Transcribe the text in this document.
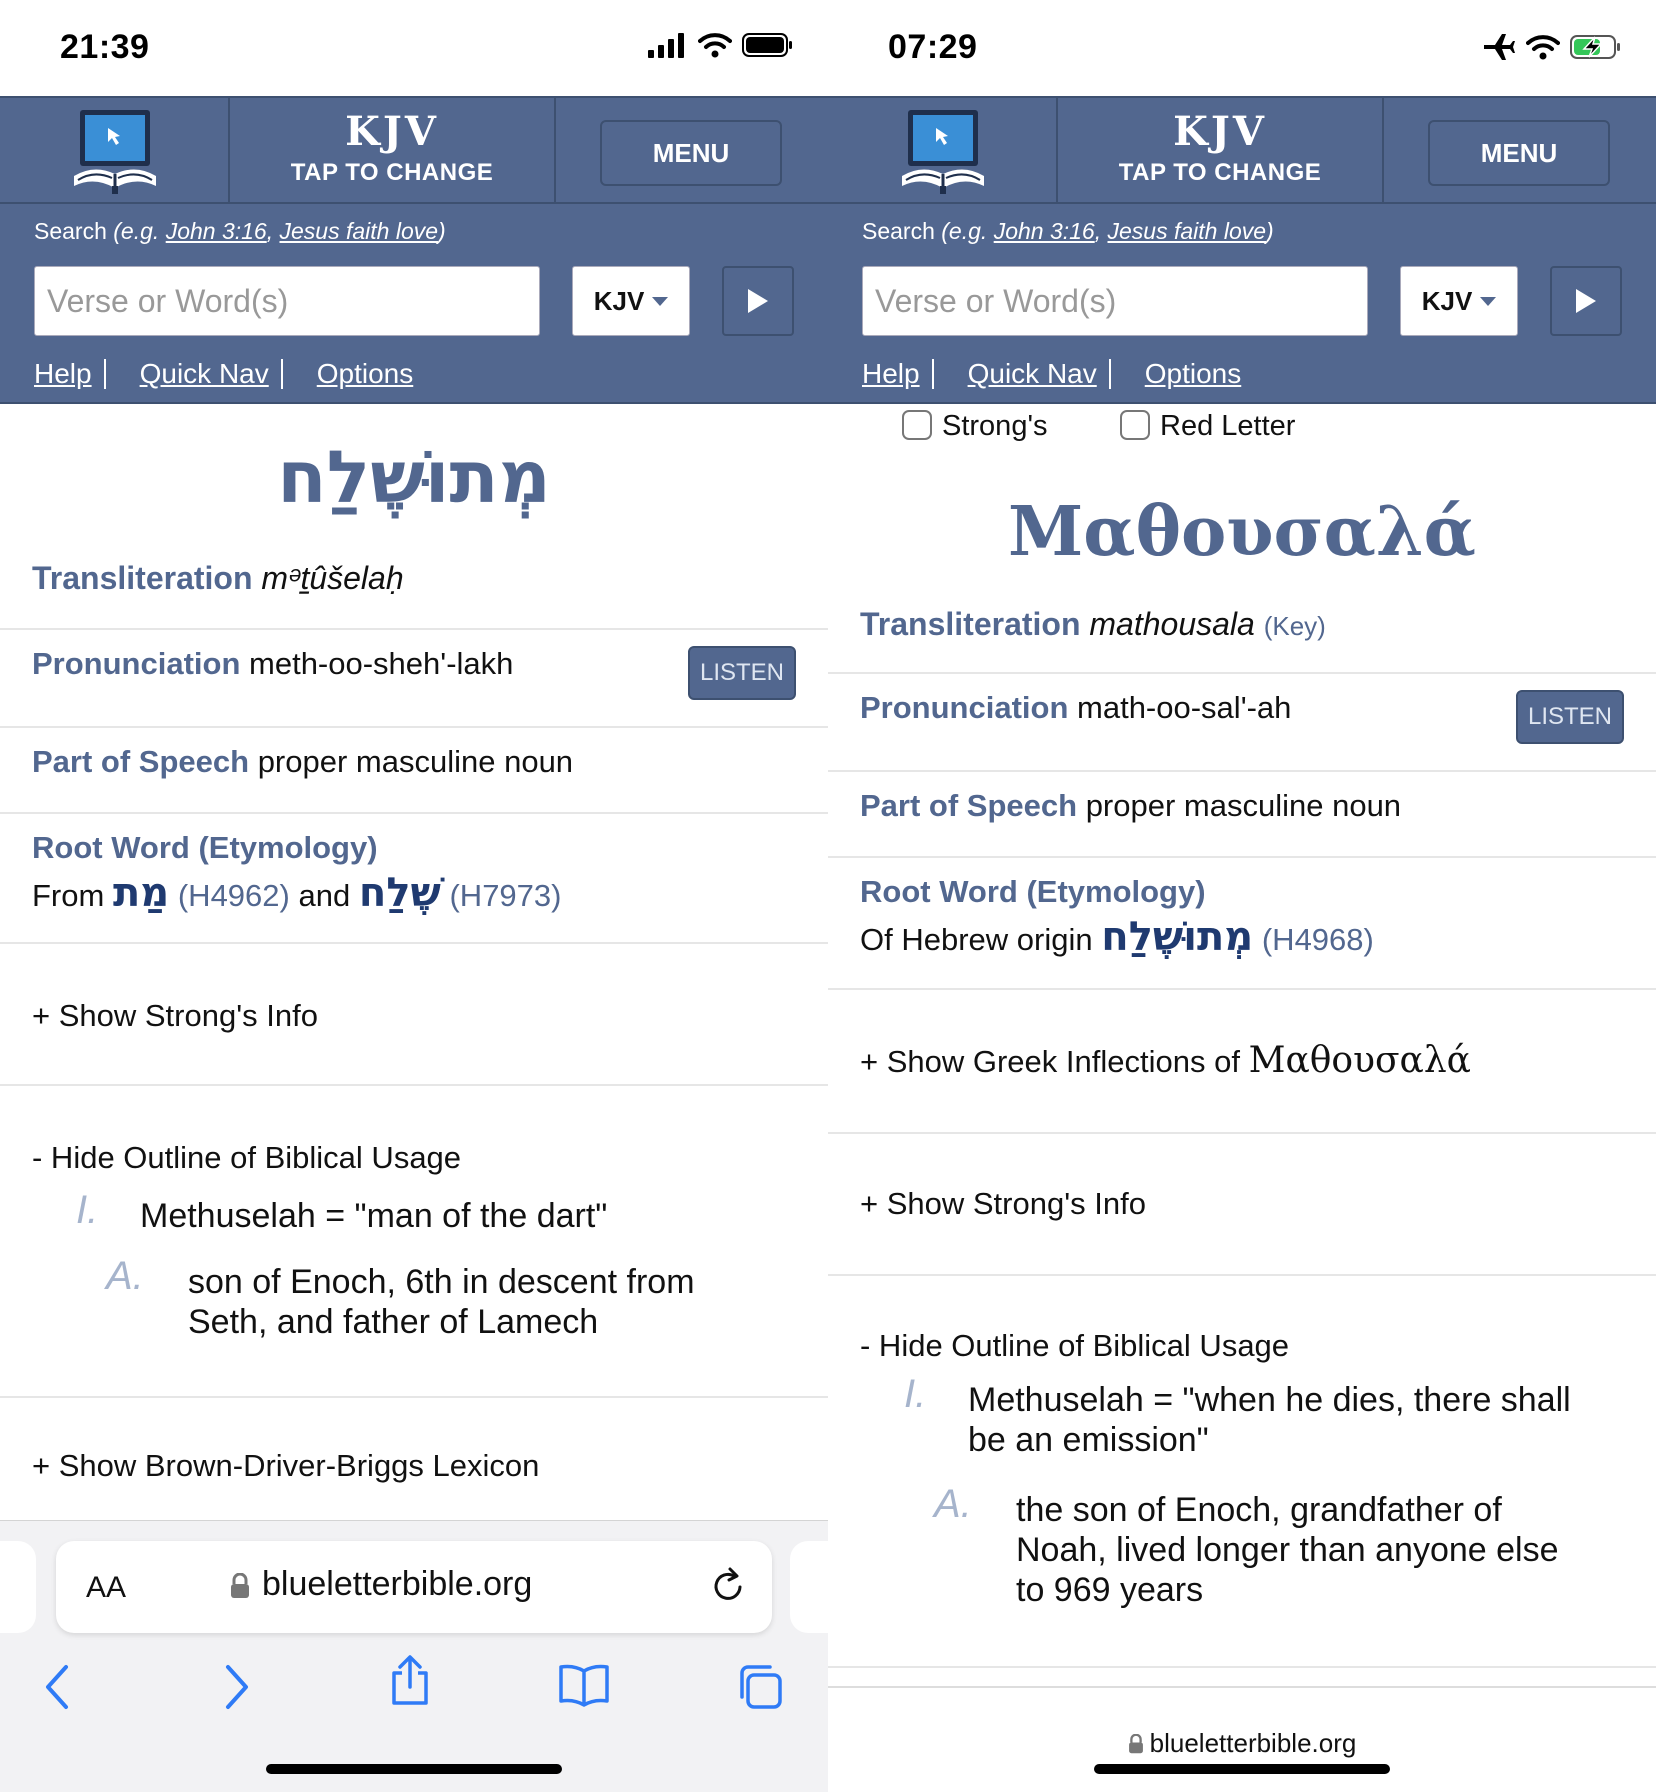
21:39
KJV
TAP TO CHANGE
MENU
Search (e.g. John 3:16, Jesus faith love)
Verse or Word(s)	KJV
Help Quick Nav Options
מְתוּשֶׁלַח
Transliteration mᵊṯûšelaḥ
Pronunciation meth-oo-sheh'-lakh	LISTEN
Part of Speech proper masculine noun
Root Word (Etymology)
From מַת (H4962) and שֶׁלַח (H7973)
+ Show Strong's Info
- Hide Outline of Biblical Usage
I. Methuselah = "man of the dart"
A. son of Enoch, 6th in descent from
Seth, and father of Lamech
+ Show Brown-Driver-Briggs Lexicon
AA	blueletterbible.org
07:29
KJV
TAP TO CHANGE
MENU
Search (e.g. John 3:16, Jesus faith love)
Verse or Word(s)	KJV
Help Quick Nav Options
Strong's	Red Letter
Μαθουσαλά
Transliteration mathousala (Key)
Pronunciation math-oo-sal'-ah	LISTEN
Part of Speech proper masculine noun
Root Word (Etymology)
Of Hebrew origin מְתוּשֶׁלַח (H4968)
+ Show Greek Inflections of Μαθουσαλά
+ Show Strong's Info
- Hide Outline of Biblical Usage
I. Methuselah = "when he dies, there shall
be an emission"
A. the son of Enoch, grandfather of
Noah, lived longer than anyone else
to 969 years
blueletterbible.org
